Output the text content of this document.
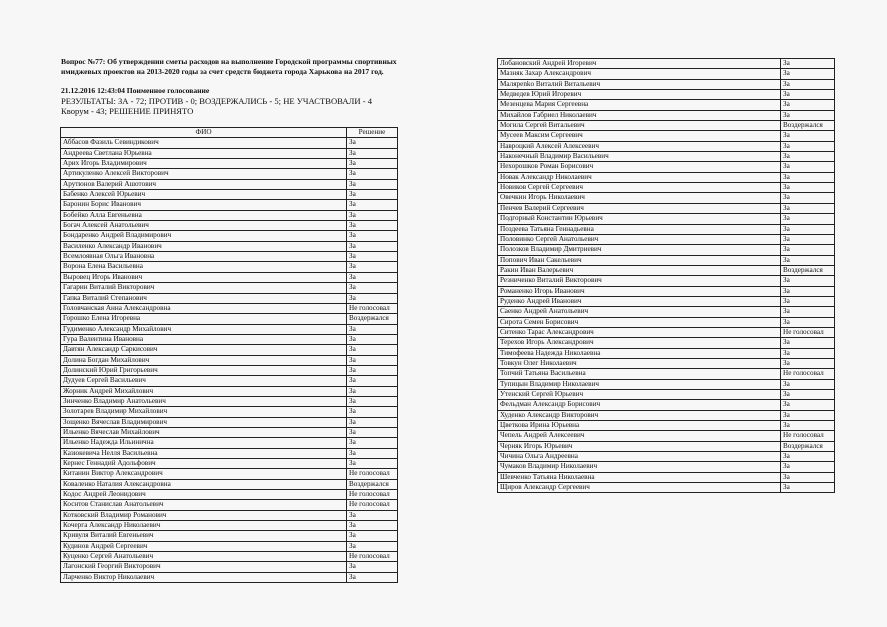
Вопрос №77: Об утверждении сметы расходов на выполнение Городской программы спортивных имиджевых проектов на 2013-2020 годы за счет средств бюджета города Харькова на 2017 год.
21.12.2016 12:43:04 Поименное голосование
РЕЗУЛЬТАТЫ: ЗА - 72; ПРОТИВ - 0; ВОЗДЕРЖАЛИСЬ - 5; НЕ УЧАСТВОВАЛИ - 4
Кворум - 43; РЕШЕНИЕ ПРИНЯТО
ФИО	Решение
Аббасов Фазиль Севиндикович	За
Андреева Светлана Юрьевна	За
Арих Игорь Владимирович	За
Артикуленко Алексей Викторович	За
Арутюнов Валерий Ашотович	За
Бабенко Алексей Юрьевич	За
Баронин Борис Иванович	За
Бобейко Алла Евгеньевна	За
Богач Алексей Анатольевич	За
Бондаренко Андрей Владимирович	За
Василенко Александр Иванович	За
Всемлоявная Ольга Ивановна	За
Ворона Елена Васильевна	За
Выровец Игорь Иванович	За
Гагарин Виталий Викторович	За
Гапка Виталий Степанович	За
Головчанская Анна Александровна	Не голосовал
Горошко Елена Игоревна	Воздержался
Гудименко Александр Михайлович	За
Гура Валентина Ивановна	За
Давтян Александр Саркисович	За
Долина Богдан Михайлович	За
Долинский Юрий Григорьевич	За
Дудуев Сергей Васильевич	За
Жорник Андрей Михайлович	За
Зинченко Владимир Анатольевич	За
Золотарев Владимир Михайлович	За
Зощенко Вячеслав Владимирович	За
Ильенко Вячеслав Михайлович	За
Ильенко Надежда Ильинична	За
Казюкевича Нелля Васильевна	За
Кернес Геннадий Адольфович	За
Китанин Виктор Александрович	Не голосовал
Коваленко Наталия Александровна	Воздержался
Кодос Андрей Леонидович	Не голосовал
Коснтов Станислав Анатольевич	Не голосовал
Котковский Владимир Романович	За
Кочерга Александр Николаевич	За
Кривуля Виталий Евгеньевич	За
Кудинов Андрей Сергеевич	За
Куценко Сергей Анатольевич	Не голосовал
Лагонский Георгий Викторович	За
Ларченко Виктор Николаевич	За
Лобановский Андрей Игоревич	За
Мазняк Захар Александрович	За
Малярenko Виталий Витальевич	За
Медведев Юрий Игоревич	За
Мезенцева Мария Сергеевна	За
Михайлов Габриел Николаевич	За
Могила Сергей Витальевич	Воздержался
Мусеев Максим Сергеевич	За
Навроцкий Алексей Алексеевич	За
Наконечный Владимир Васильевич	За
Нехорошков Роман Борисович	За
Новак Александр Николаевич	За
Новиков Сергей Сергеевич	За
Овечкин Игорь Николаевич	За
Пенчев Валерий Сергеевич	За
Подгорный Константин Юрьевич	За
Поздеева Татьяна Геннадьевна	За
Половинко Сергей Анатольевич	За
Полозков Владимир Дмитриевич	За
Попович Иван Сакельевич	За
Ракин Иван Валерьевич	Воздержался
Резниченко Виталий Викторович	За
Романенко Игорь Иванович	За
Руденко Андрей Иванович	За
Саенко Андрей Анатольевич	За
Сирота Семен Борисович	За
Ситенко Тарас Александрович	Не голосовал
Терехов Игорь Александрович	За
Тимофеева Надежда Николаевна	За
Товкун Олег Николаевич	За
Топчий Татьяна Васильевна	Не голосовал
Тупицын Владимир Николаевич	За
Утенский Сергей Юрьевич	За
Фельдман Александр Борисович	За
Худенко Александр Викторович	За
Цветкова Ирина Юрьевна	За
Чепель Андрей Алексеевич	Не голосовал
Черняк Игорь Юрьевич	Воздержался
Чичина Ольга Андреевна	За
Чумаков Владимир Николаевич	За
Шевченко Татьяна Николаевна	За
Щиров Александр Сергеевич	За
